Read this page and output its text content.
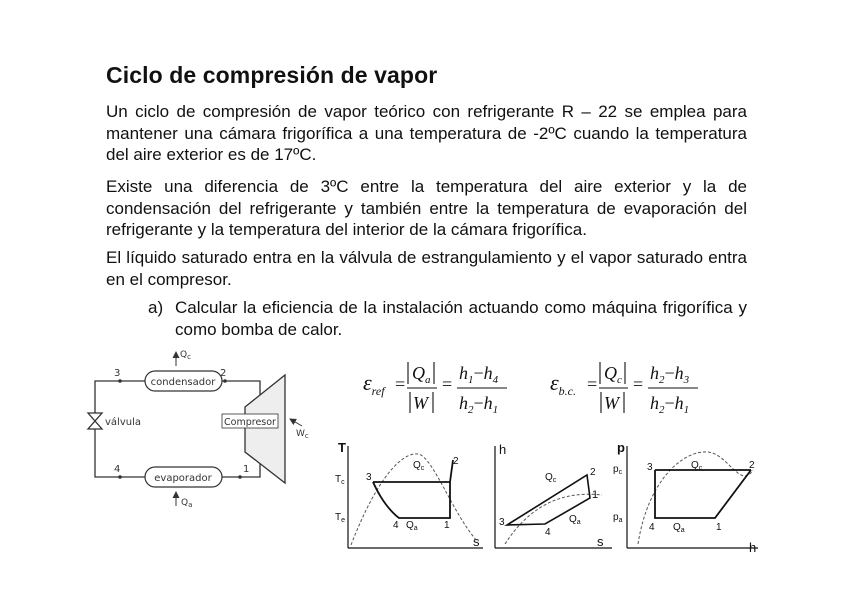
Ciclo de compresión de vapor

Un ciclo de compresión de vapor teórico con refrigerante R – 22 se emplea para mantener una cámara frigorífica a una temperatura de -2ºC cuando la temperatura del aire exterior es de 17ºC.

Existe una diferencia de 3ºC entre la temperatura del aire exterior y la de condensación del refrigerante y también entre la temperatura de evaporación del refrigerante y la temperatura del interior de la cámara frigorífica.

El líquido saturado entra en la válvula de estrangulamiento y el vapor saturado entra en el compresor.

a) Calcular la eficiencia de la instalación actuando como máquina frigorífica y como bomba de calor.
condensador
evaporador
válvula	Compresor
3	2
4	1
$Q_c$
$Q_a$
$W_c$
$\varepsilon_{ref}$ =
$Q_a$
W
=
$h_1-h_4$
$h_2-h_1$
$\varepsilon_{b.c.}$ =
$Q_c$
W
=
$h_2-h_3$
$h_2-h_1$
T
s
$T_c$
$T_e$
3
2
4	1
$Q_c$
$Q_a$
h
s
3
2
4
1
$Q_c$
$Q_a$
p
h
$p_c$
$p_a$
3	2
4	1
$Q_c$
$Q_a$
